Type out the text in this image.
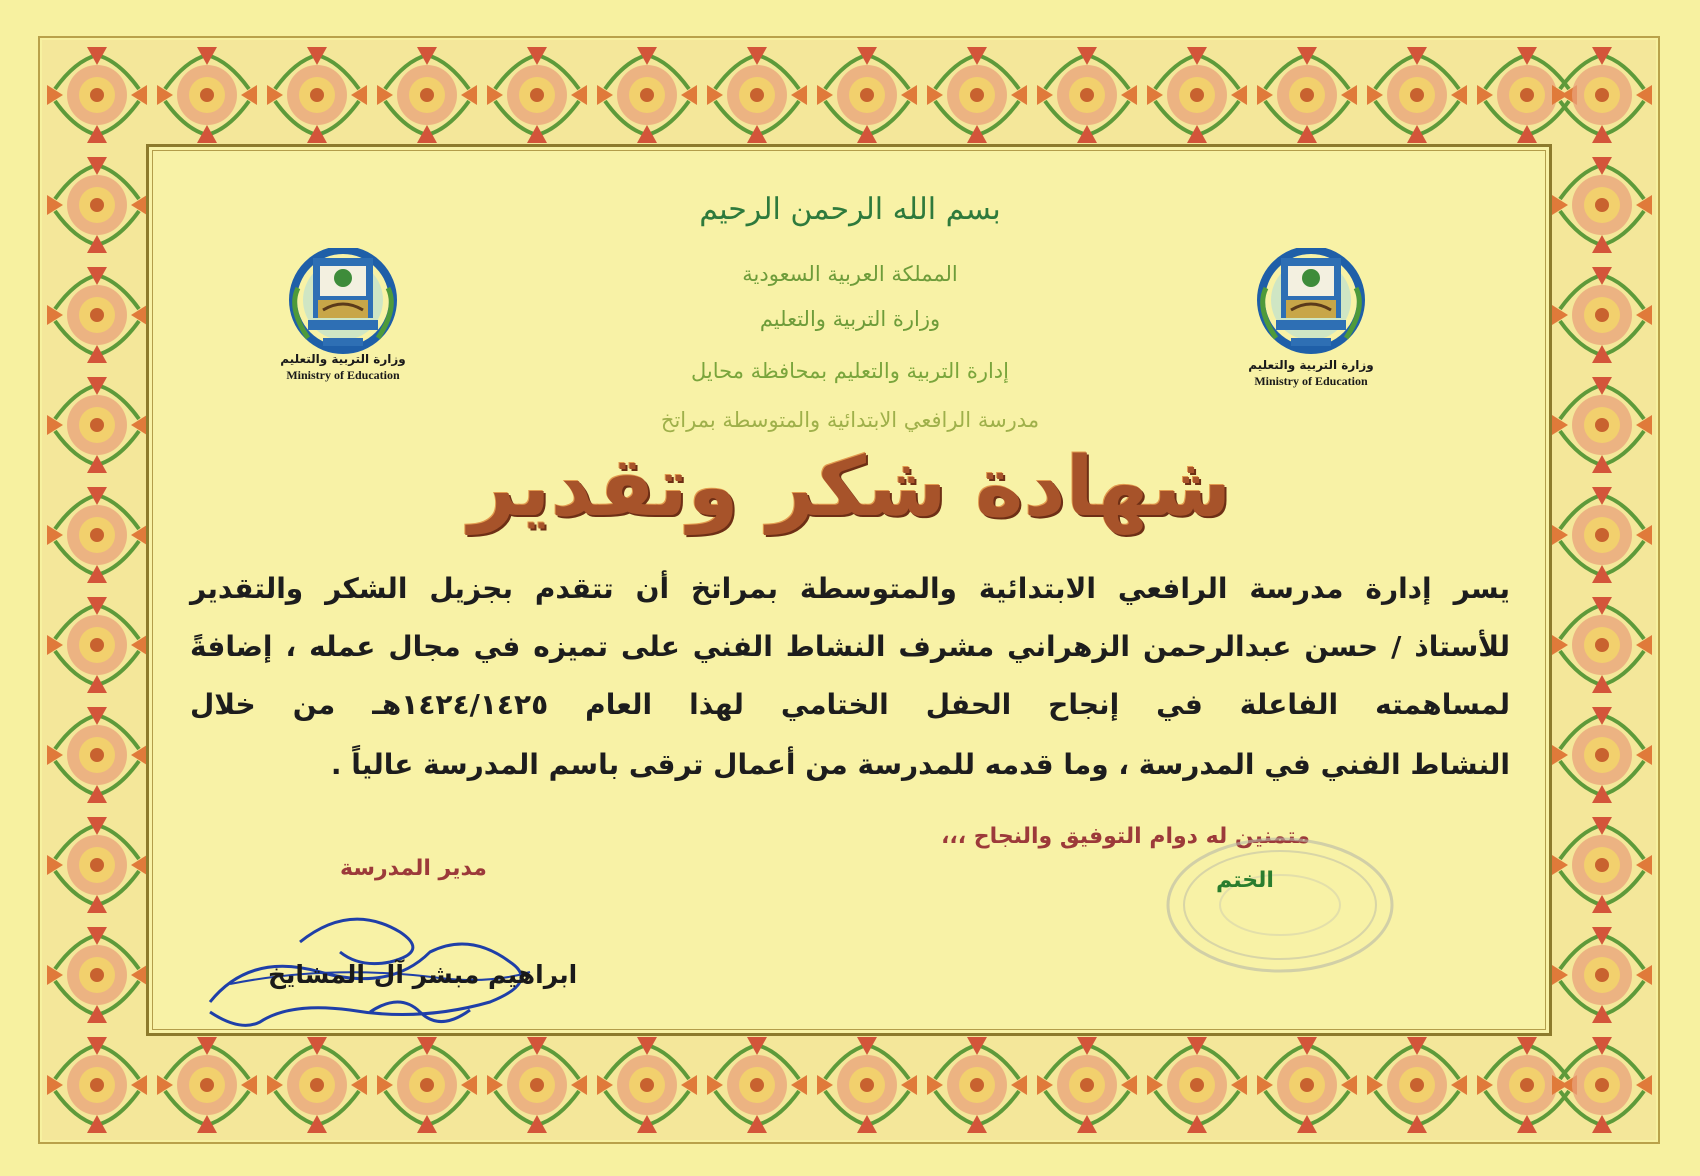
بسم الله الرحمن الرحيم
المملكة العربية السعودية
وزارة التربية والتعليم
إدارة التربية والتعليم بمحافظة محايل
مدرسة الرافعي الابتدائية والمتوسطة بمراتخ
وزارة التربية والتعليم
Ministry of Education
وزارة التربية والتعليم
Ministry of Education
شهادة شكر وتقدير
يسر إدارة مدرسة الرافعي الابتدائية والمتوسطة بمراتخ أن تتقدم بجزيل الشكر والتقدير
للأستاذ / حسن عبدالرحمن الزهراني مشرف النشاط الفني على تميزه في مجال عمله ، إضافةً
لمساهمته الفاعلة في إنجاح الحفل الختامي لهذا العام ١٤٢٤/١٤٢٥هـ من خلال
النشاط الفني في المدرسة ، وما قدمه للمدرسة من أعمال ترقى باسم المدرسة عالياً .
متمنين له دوام التوفيق والنجاح ،،،
الختم
مدير المدرسة
ابراهيم مبشر آل المشايخ
